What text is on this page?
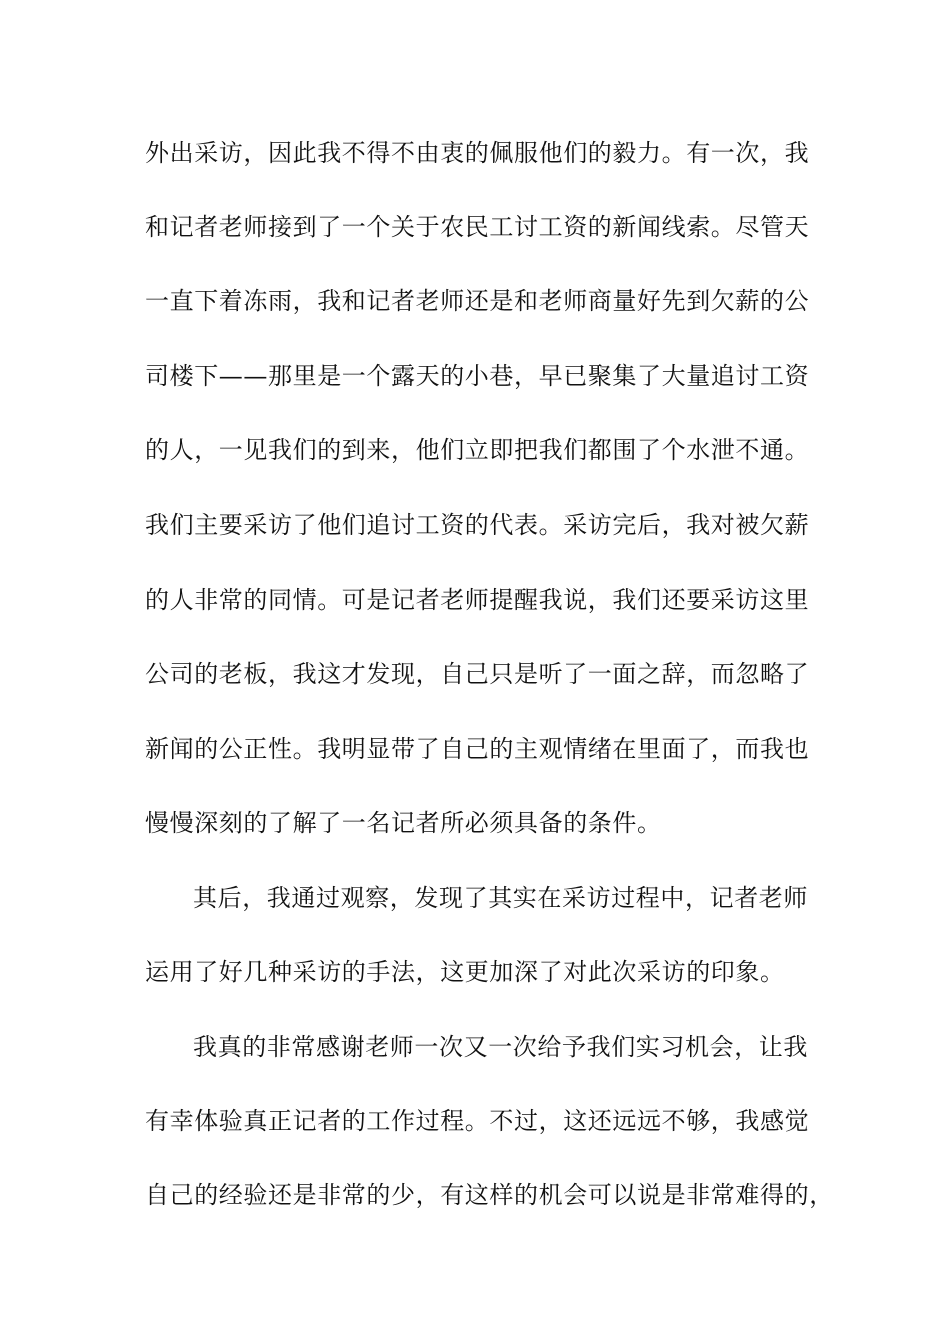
外出采访，因此我不得不由衷的佩服他们的毅力。有一次，我
和记者老师接到了一个关于农民工讨工资的新闻线索。尽管天
一直下着冻雨，我和记者老师还是和老师商量好先到欠薪的公
司楼下——那里是一个露天的小巷，早已聚集了大量追讨工资
的人，一见我们的到来，他们立即把我们都围了个水泄不通。
我们主要采访了他们追讨工资的代表。采访完后，我对被欠薪
的人非常的同情。可是记者老师提醒我说，我们还要采访这里
公司的老板，我这才发现，自己只是听了一面之辞，而忽略了
新闻的公正性。我明显带了自己的主观情绪在里面了，而我也
慢慢深刻的了解了一名记者所必须具备的条件。
其后，我通过观察，发现了其实在采访过程中，记者老师
运用了好几种采访的手法，这更加深了对此次采访的印象。
我真的非常感谢老师一次又一次给予我们实习机会，让我
有幸体验真正记者的工作过程。不过，这还远远不够，我感觉
自己的经验还是非常的少，有这样的机会可以说是非常难得的，
